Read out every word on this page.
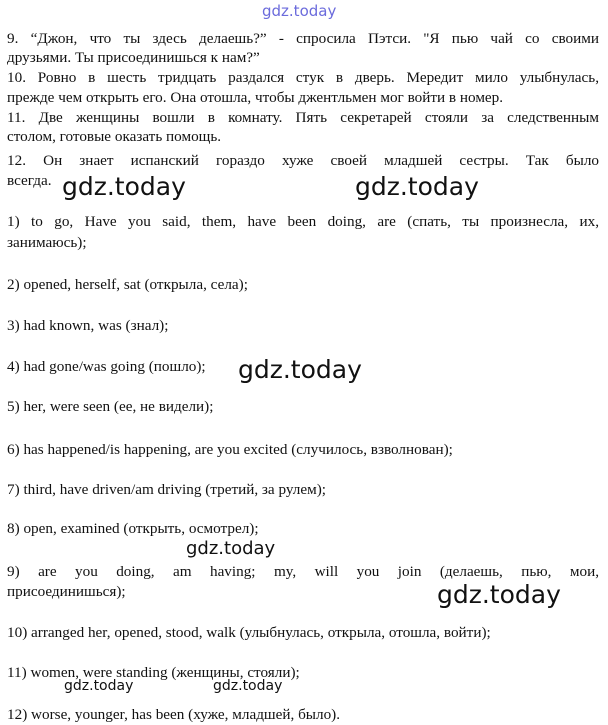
gdz.today
9. “Джон, что ты здесь делаешь?” - спросила Пэтси. "Я пью чай со своими
друзьями. Ты присоединишься к нам?”
10. Ровно в шесть тридцать раздался стук в дверь. Мередит мило улыбнулась,
прежде чем открыть его. Она отошла, чтобы джентльмен мог войти в номер.
11. Две женщины вошли в комнату. Пять секретарей стояли за следственным
столом, готовые оказать помощь.
12. Он знает испанский гораздо хуже своей младшей сестры. Так было
всегда.
1) to go, Have you said, them, have been doing, are (спать, ты произнесла, их,
занимаюсь);
2) opened, herself, sat (открыла, села);
3) had known, was (знал);
4) had gone/was going (пошло);
5) her, were seen (ее, не видели);
6) has happened/is happening, are you excited (случилось, взволнован);
7) third, have driven/am driving (третий, за рулем);
8) open, examined (открыть, осмотрел);
9) are you doing, am having; my, will you join (делаешь, пью, мои,
присоединишься);
10) arranged her, opened, stood, walk (улыбнулась, открыла, отошла, войти);
11) women, were standing (женщины, стояли);
12) worse, younger, has been (хуже, младшей, было).
gdz.today	gdz.today
gdz.today
gdz.today
gdz.today
gdz.today	gdz.today
